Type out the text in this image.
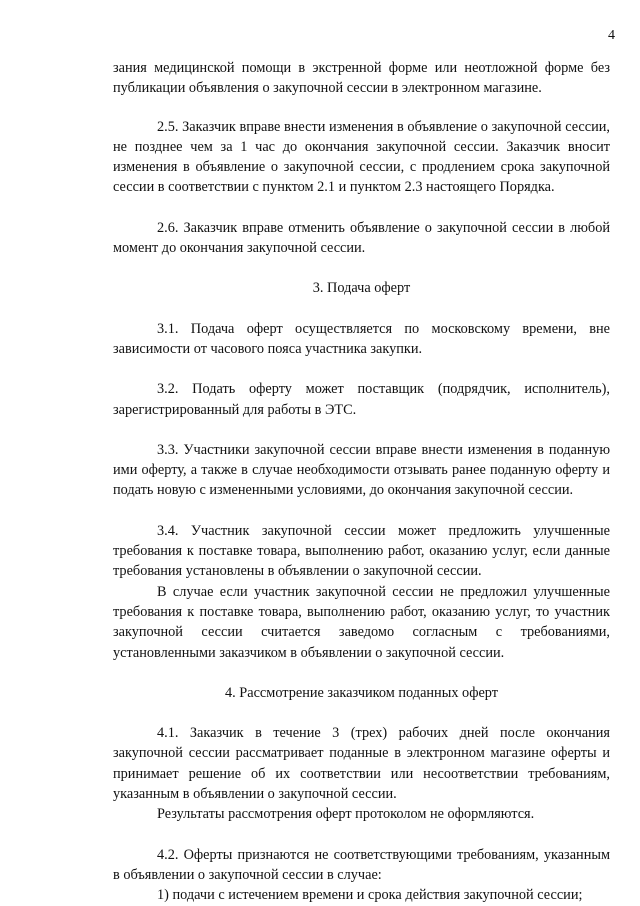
4

зания медицинской помощи в экстренной форме или неотложной форме без публикации объявления о закупочной сессии в электронном магазине.

2.5. Заказчик вправе внести изменения в объявление о закупочной сессии, не позднее чем за 1 час до окончания закупочной сессии. Заказчик вносит изменения в объявление о закупочной сессии, с продлением срока закупочной сессии в соответствии с пунктом 2.1 и пунктом 2.3 настоящего Порядка.

2.6. Заказчик вправе отменить объявление о закупочной сессии в любой момент до окончания закупочной сессии.

3. Подача оферт

3.1. Подача оферт осуществляется по московскому времени, вне зависимости от часового пояса участника закупки.

3.2. Подать оферту может поставщик (подрядчик, исполнитель), зарегистрированный для работы в ЭТС.

3.3. Участники закупочной сессии вправе внести изменения в поданную ими оферту, а также в случае необходимости отзывать ранее поданную оферту и подать новую с измененными условиями, до окончания закупочной сессии.

3.4. Участник закупочной сессии может предложить улучшенные требования к поставке товара, выполнению работ, оказанию услуг, если данные требования установлены в объявлении о закупочной сессии.

В случае если участник закупочной сессии не предложил улучшенные требования к поставке товара, выполнению работ, оказанию услуг, то участник закупочной сессии считается заведомо согласным с требованиями, установленными заказчиком в объявлении о закупочной сессии.

4. Рассмотрение заказчиком поданных оферт

4.1. Заказчик в течение 3 (трех) рабочих дней после окончания закупочной сессии рассматривает поданные в электронном магазине оферты и принимает решение об их соответствии или несоответствии требованиям, указанным в объявлении о закупочной сессии.

Результаты рассмотрения оферт протоколом не оформляются.

4.2. Оферты признаются не соответствующими требованиям, указанным в объявлении о закупочной сессии в случае:

1) подачи с истечением времени и срока действия закупочной сессии;
